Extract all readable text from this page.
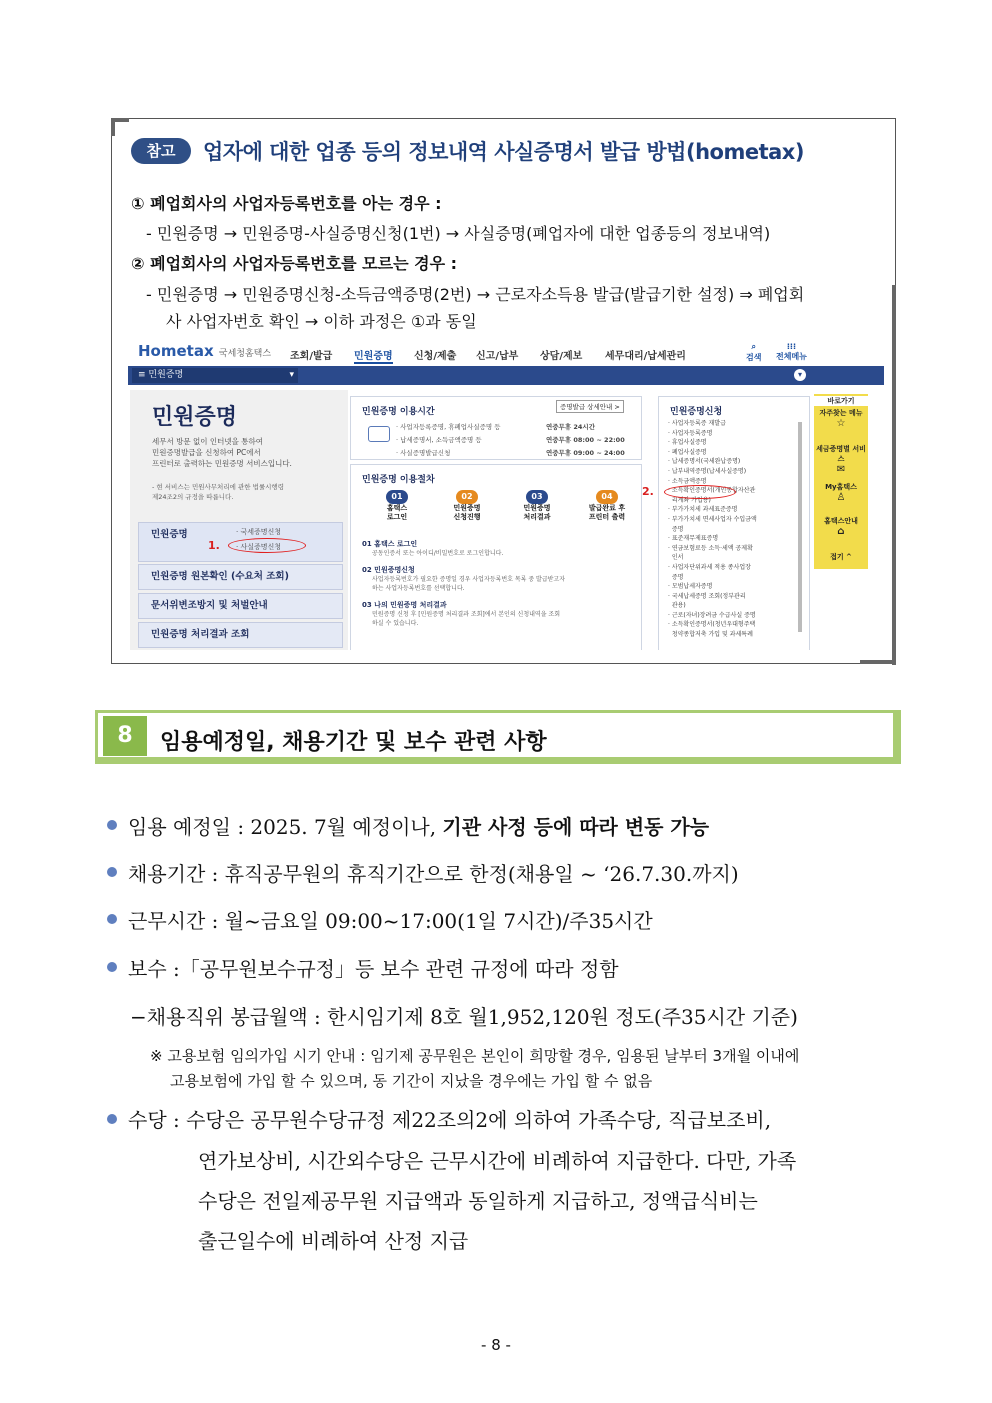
참고	업자에 대한 업종 등의 정보내역 사실증명서 발급 방법(hometax)
① 폐업회사의 사업자등록번호를 아는 경우 :
- 민원증명 → 민원증명-사실증명신청(1번) → 사실증명(폐업자에 대한 업종등의 정보내역)
② 폐업회사의 사업자등록번호를 모르는 경우 :
- 민원증명 → 민원증명신청-소득금액증명(2번) → 근로자소득용 발급(발급기한 설정) ⇒ 폐업회
사 사업자번호 확인 → 이하 과정은 ①과 동일
Hometax 국세청홈택스 조회/발급 민원증명 신청/제출 신고/납부 상담/제보 세무대리/납세관리
⌕
검색
⁝⁝⁝
전체메뉴
≡ 민원증명	▾	▾
민원증명
세무서 방문 없이 인터넷을 통하여
민원증명발급을 신청하여 PC에서
프린터로 출력하는 민원증명 서비스입니다.
- 현 서비스는 민원사무처리에 관한 법률시행령
제24조2의 규정을 따릅니다.
민원증명	· 국세증명신청
· 사실증명신청
1.
민원증명 원본확인 (수요처 조회)
문서위변조방지 및 처벌안내
민원증명 처리결과 조회
민원증명 이용시간	증명발급 상세안내 >
· 사업자등록증명, 휴폐업사실증명 등	연중무휴 24시간
· 납세증명서, 소득금액증명 등	연중무휴 08:00 ~ 22:00
· 사실증명발급신청	연중무휴 09:00 ~ 24:00
민원증명 이용절차
01	02	03	04
홈택스
로그인
민원증명
신청진행
민원증명
처리결과
발급완료 후
프린터 출력
01 홈택스 로그인
공동인증서 또는 아이디/비밀번호로 로그인합니다.
02 민원증명신청
사업자등록번호가 필요한 증명일 경우 사업자등록번호 목록 중 발급받고자
하는 사업자등록번호를 선택합니다.
03 나의 민원증명 처리결과
민원증명 신청 후 [민원증명 처리결과 조회]에서 본인의 신청내역을 조회
하실 수 있습니다.
민원증명신청
· 사업자등록증 재발급
· 사업자등록증명
· 휴업사실증명
· 폐업사실증명
· 납세증명서(국세완납증명)
· 납부내역증명(납세사실증명)
· 소득금액증명
· 소득확인증명서(개인종합자산관
리계좌 가입용)
· 부가가치세 과세표준증명
· 부가가치세 면세사업자 수입금액
증명
· 표준재무제표증명
· 연금보험료등 소득·세액 공제확
인서
· 사업자단위과세 적용 종사업장
증명
· 모범납세자증명
· 국세납세증명 조회(정부관리
관용)
· 근로(자녀)장려금 수급사실 증명
· 소득확인증명서(청년우대형주택
청약종합저축 가입 및 과세특례
2.
바로가기
자주찾는 메뉴
☆
세금증명별 서비스
✉
My홈택스
♙
홈택스안내
⌂
접기 ^
8	임용예정일, 채용기간 및 보수 관련 사항
임용 예정일 : 2025. 7월 예정이나, 기관 사정 등에 따라 변동 가능
채용기간 : 휴직공무원의 휴직기간으로 한정(채용일 ~ ‘26.7.30.까지)
근무시간 : 월~금요일 09:00~17:00(1일 7시간)/주35시간
보수 :「공무원보수규정」등 보수 관련 규정에 따라 정함
−채용직위 봉급월액 : 한시임기제 8호 월1,952,120원 정도(주35시간 기준)
※ 고용보험 임의가입 시기 안내 : 임기제 공무원은 본인이 희망할 경우, 임용된 날부터 3개월 이내에
고용보험에 가입 할 수 있으며, 동 기간이 지났을 경우에는 가입 할 수 없음
수당 : 수당은 공무원수당규정 제22조의2에 의하여 가족수당, 직급보조비,
연가보상비, 시간외수당은 근무시간에 비례하여 지급한다. 다만, 가족
수당은 전일제공무원 지급액과 동일하게 지급하고, 정액급식비는
출근일수에 비례하여 산정 지급
- 8 -
